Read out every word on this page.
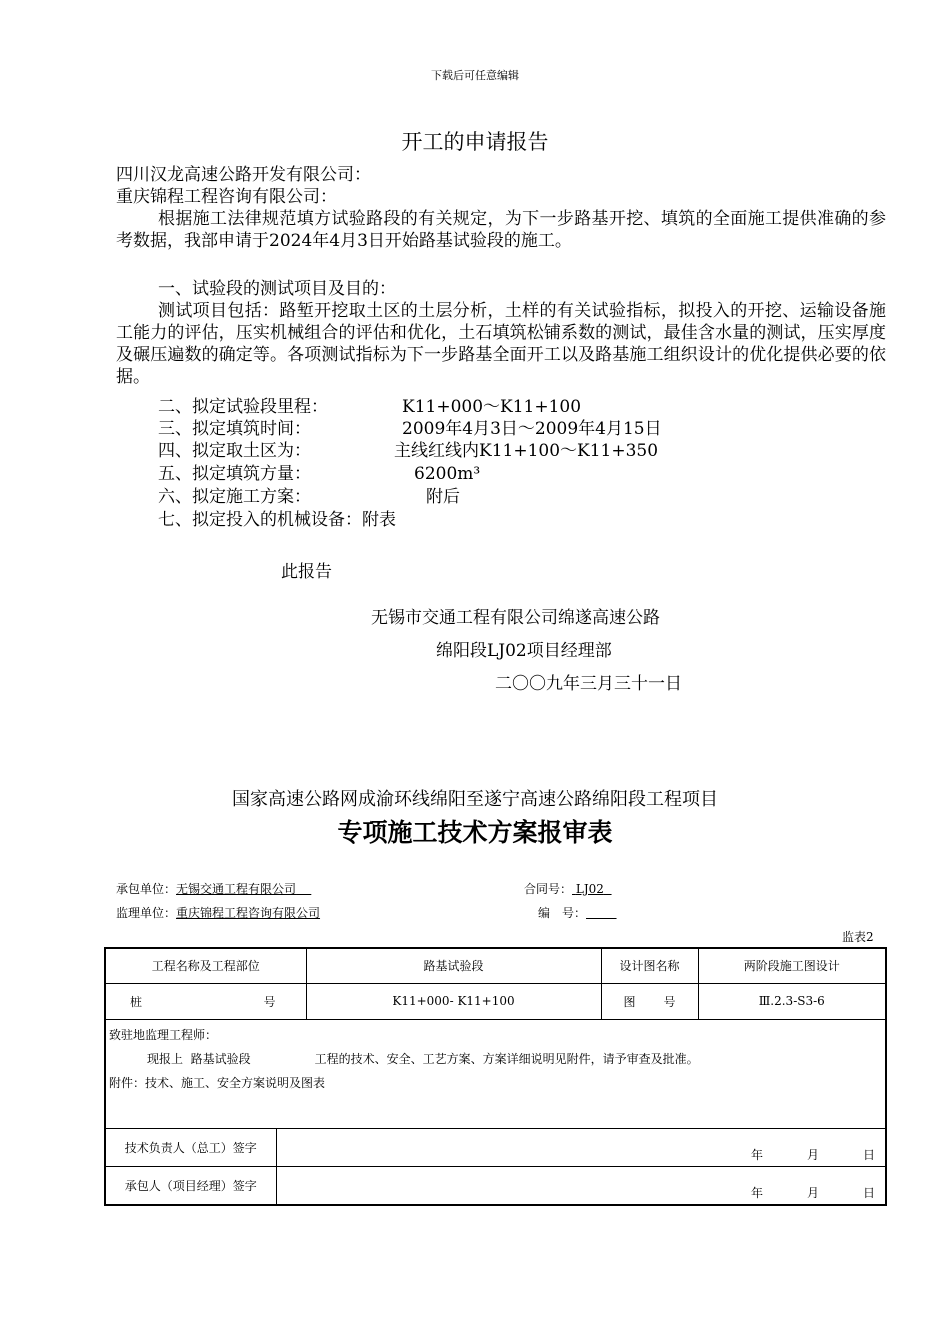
下载后可任意编辑
开工的申请报告
四川汉龙高速公路开发有限公司：
重庆锦程工程咨询有限公司：
根据施工法律规范填方试验路段的有关规定，为下一步路基开挖、填筑的全面施工提供准确的参考数据，我部申请于2024年4月3日开始路基试验段的施工。
一、试验段的测试项目及目的：
测试项目包括：路堑开挖取土区的土层分析，土样的有关试验指标，拟投入的开挖、运输设备施工能力的评估，压实机械组合的评估和优化，土石填筑松铺系数的测试，最佳含水量的测试，压实厚度及碾压遍数的确定等。各项测试指标为下一步路基全面开工以及路基施工组织设计的优化提供必要的依据。
二、拟定试验段里程：	K11+000～K11+100
三、拟定填筑时间：	2009年4月3日～2009年4月15日
四、拟定取土区为：	主线红线内K11+100～K11+350
五、拟定填筑方量：	6200m³
六、拟定施工方案：	附后
七、拟定投入的机械设备：附表
此报告
无锡市交通工程有限公司绵遂高速公路
绵阳段LJ02项目经理部
二〇〇九年三月三十一日
国家高速公路网成渝环线绵阳至遂宁高速公路绵阳段工程项目
专项施工技术方案报审表
承包单位：无锡交通工程有限公司	合同号： LJ02
监理单位：重庆锦程工程咨询有限公司	编　号：
监表2
工程名称及工程部位		路基试验段	设计图名称	两阶段施工图设计

桩 号		K11+000- K11+100	图 号	Ⅲ.2.3-S3-6

致驻地监理工程师：
现报上 路基试验段 工程的技术、安全、工艺方案、方案详细说明见附件，请予审查及批准。
附件：技术、施工、安全方案说明及图表				

技术负责人（总工）签字	年 月 日			

承包人（项目经理）签字	年 月 日			
